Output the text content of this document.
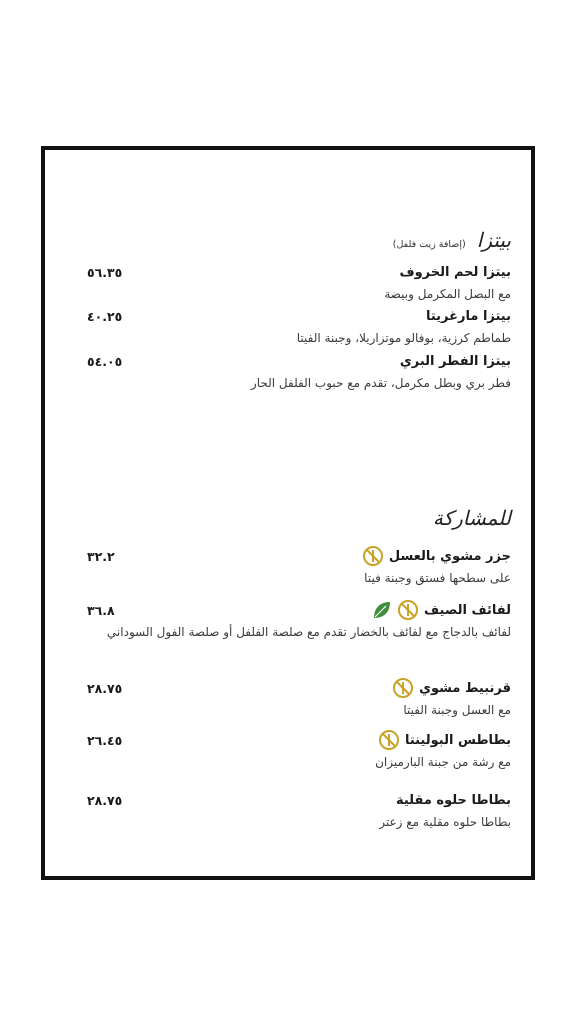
بيتزا (إضافة زيت فلفل)
بيتزا لحم الخروف
٥٦.٣٥
مع البصل المكرمل وبيضة
بيتزا مارغريتا
٤٠.٢٥
طماطم كرزية، بوفالو موتزاريلا، وجبنة الفيتا
بيتزا الفطر البري
٥٤.٠٥
فطر بري وبطل مكرمل، تقدم مع حبوب الفلفل الحار
للمشاركة
جزر مشوي بالعسل
٣٢.٢
على سطحها فستق وجبنة فيتا
لفائف الصيف
٣٦.٨
لفائف بالدجاج مع لفائف بالخضار تقدم مع صلصة الفلفل أو صلصة الفول السوداني
قرنبيط مشوي
٢٨.٧٥
مع العسل وجبنة الفيتا
بطاطس البولينتا
٢٦.٤٥
مع رشة من جبنة البارميزان
بطاطا حلوه مقلية
٢٨.٧٥
بطاطا حلوه مقلية مع زعتر
